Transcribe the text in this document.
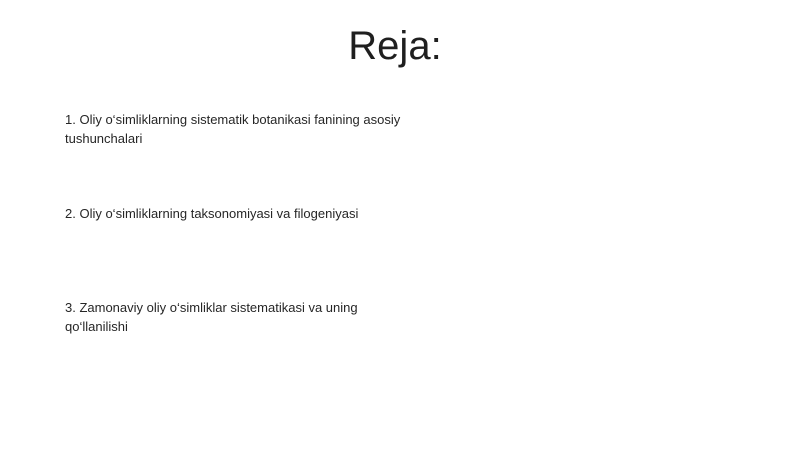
Reja:

1. Oliy o‘simliklarning sistematik botanikasi fanining asosiy tushunchalari

2. Oliy o‘simliklarning taksonomiyasi va filogeniyasi

3. Zamonaviy oliy o‘simliklar sistematikasi va uning qo‘llanilishi
